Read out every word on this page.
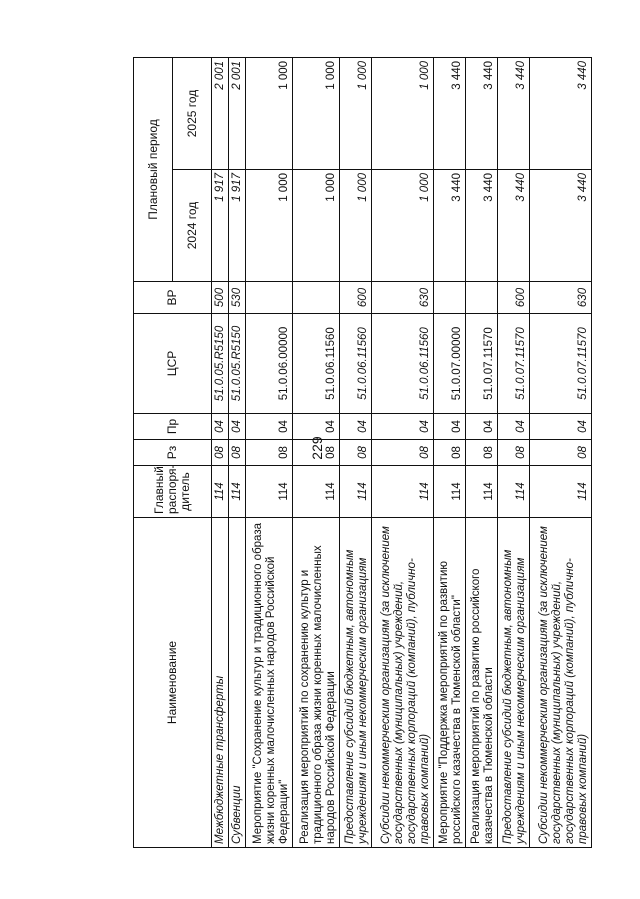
229
Наименование	Главный распоря-дитель	Рз	Пр	ЦСР	ВР	Плановый период	
						2024 год	2025 год
Межбюджетные трансферты	114	08	04	51.0.05.R5150	500	1 917	2 001
Субвенции	114	08	04	51.0.05.R5150	530	1 917	2 001
Мероприятие "Сохранение культур и традиционного образа жизни коренных малочисленных народов Российской Федерации"	114	08	04	51.0.06.00000		1 000	1 000
Реализация мероприятий по сохранению культур и традиционного образа жизни коренных малочисленных народов Российской Федерации	114	08	04	51.0.06.11560		1 000	1 000
Предоставление субсидий бюджетным, автономным учреждениям и иным некоммерческим организациям	114	08	04	51.0.06.11560	600	1 000	1 000
Субсидии некоммерческим организациям (за исключением государственных (муниципальных) учреждений, государственных корпораций (компаний), публично-правовых компаний)	114	08	04	51.0.06.11560	630	1 000	1 000
Мероприятие "Поддержка мероприятий по развитию российского казачества в Тюменской области"	114	08	04	51.0.07.00000		3 440	3 440
Реализация мероприятий по развитию российского казачества в Тюменской области	114	08	04	51.0.07.11570		3 440	3 440
Предоставление субсидий бюджетным, автономным учреждениям и иным некоммерческим организациям	114	08	04	51.0.07.11570	600	3 440	3 440
Субсидии некоммерческим организациям (за исключением государственных (муниципальных) учреждений, государственных корпораций (компаний), публично-правовых компаний)	114	08	04	51.0.07.11570	630	3 440	3 440
